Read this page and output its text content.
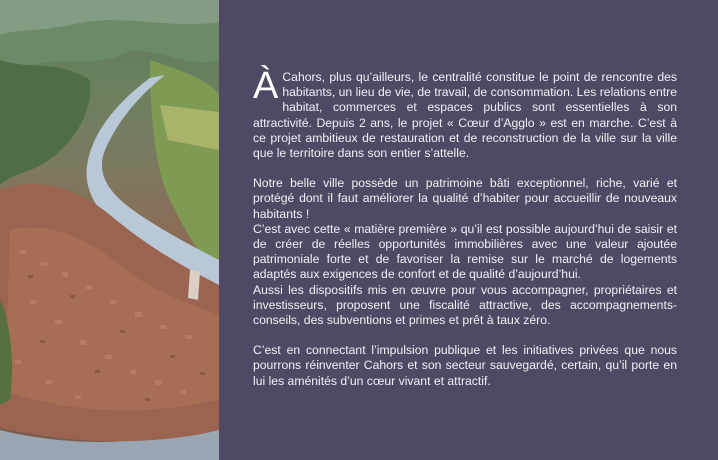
À Cahors, plus qu’ailleurs, le centralité constitue le point de rencontre des habitants, un lieu de vie, de travail, de consommation. Les relations entre habitat, commerces et espaces publics sont essentielles à son attractivité. Depuis 2 ans, le projet « Cœur d’Agglo » est en marche. C’est à ce projet ambitieux de restauration et de reconstruction de la ville sur la ville que le territoire dans son entier s’attelle.

Notre belle ville possède un patrimoine bâti exceptionnel, riche, varié et protégé dont il faut améliorer la qualité d’habiter pour accueillir de nouveaux habitants !

C’est avec cette « matière première » qu’il est possible aujourd’hui de saisir et de créer de réelles opportunités immobilières avec une valeur ajoutée patrimoniale forte et de favoriser la remise sur le marché de logements adaptés aux exigences de confort et de qualité d’aujourd’hui.

Aussi les dispositifs mis en œuvre pour vous accompagner, propriétaires et investisseurs, proposent une fiscalité attractive, des accompagnements-conseils, des subventions et primes et prêt à taux zéro.

C’est en connectant l’impulsion publique et les initiatives privées que nous pourrons réinventer Cahors et son secteur sauvegardé, certain, qu’il porte en lui les aménités d’un cœur vivant et attractif.
